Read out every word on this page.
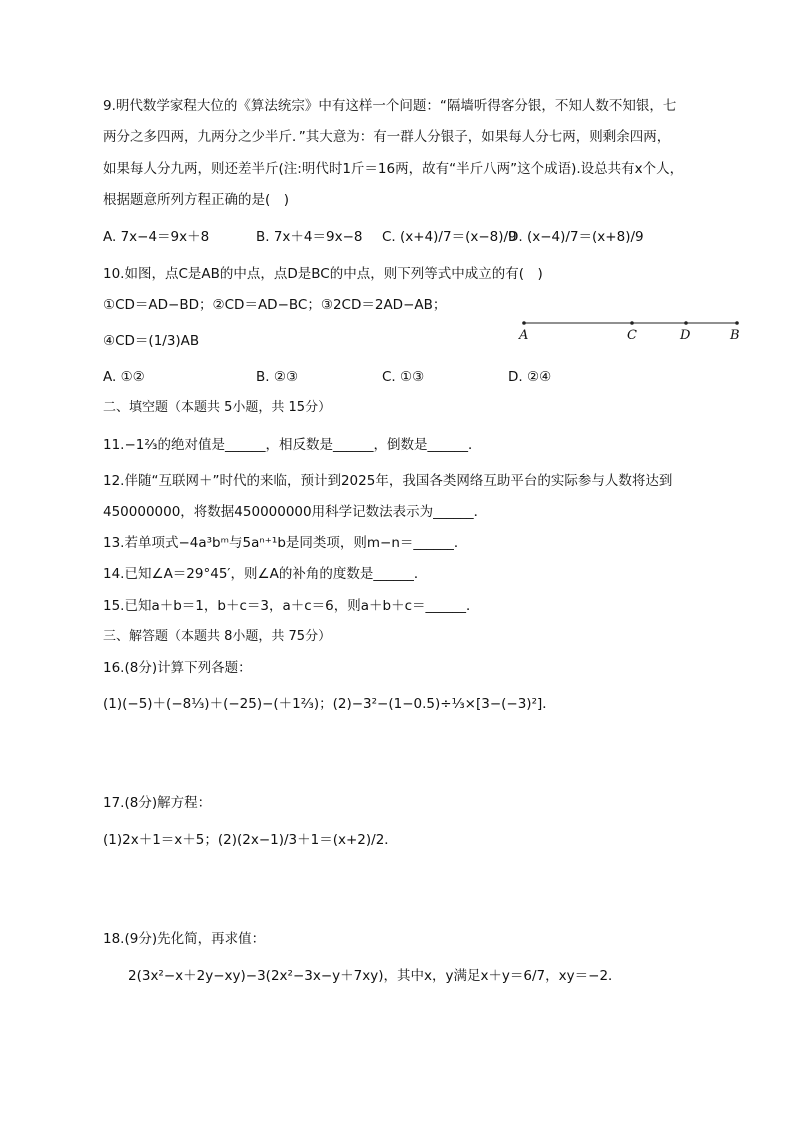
9.明代数学家程大位的《算法统宗》中有这样一个问题：“隔墙听得客分银，不知人数不知银，七
两分之多四两，九两分之少半斤．”其大意为：有一群人分银子，如果每人分七两，则剩余四两，
如果每人分九两，则还差半斤(注:明代时1斤＝16两，故有“半斤八两”这个成语).设总共有x个人，
根据题意所列方程正确的是(　)
A. 7x−4＝9x＋8	B. 7x＋4＝9x−8 C. (x+4)/7＝(x−8)/9
D. (x−4)/7＝(x+8)/9
10.如图，点C是AB的中点，点D是BC的中点，则下列等式中成立的有(　)
①CD＝AD−BD；②CD＝AD−BC；③2CD＝2AD−AB；
④CD＝(1/3)AB	A	C	D	B
A. ①②	B. ②③	C. ①③	D. ②④
二、填空题（本题共 5小题，共 15分）
11.−1⅔的绝对值是______，相反数是______，倒数是______．
12.伴随“互联网＋”时代的来临，预计到2025年，我国各类网络互助平台的实际参与人数将达到
450000000，将数据450000000用科学记数法表示为______．
13.若单项式−4a³bᵐ与5aⁿ⁺¹b是同类项，则m−n＝______．
14.已知∠A＝29°45′，则∠A的补角的度数是______．
15.已知a＋b＝1，b＋c＝3，a＋c＝6，则a＋b＋c＝______．
三、解答题（本题共 8小题，共 75分）
16.(8分)计算下列各题：
(1)(−5)＋(−8⅓)＋(−25)−(＋1⅔)；(2)−3²−(1−0.5)÷⅓×[3−(−3)²]．
17.(8分)解方程：
(1)2x＋1＝x＋5；(2)(2x−1)/3＋1＝(x+2)/2．
18.(9分)先化简，再求值：
2(3x²−x＋2y−xy)−3(2x²−3x−y＋7xy)，其中x，y满足x＋y＝6/7，xy＝−2．
